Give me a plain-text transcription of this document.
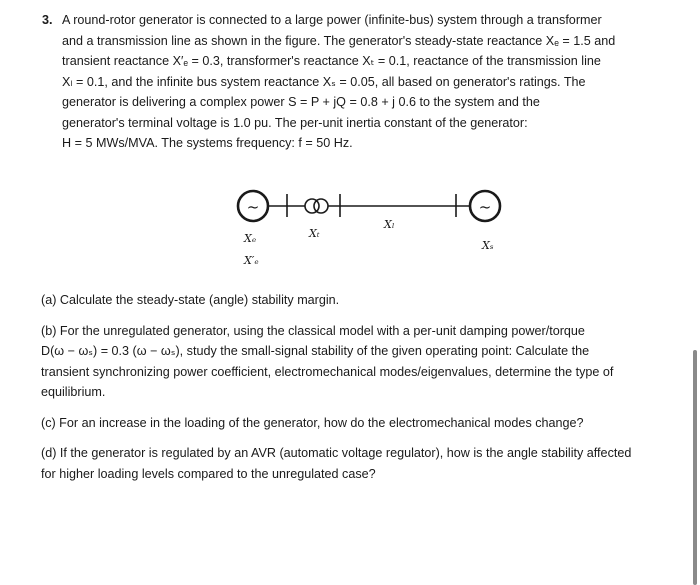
3. A round-rotor generator is connected to a large power (infinite-bus) system through a transformer
and a transmission line as shown in the figure. The generator's steady-state reactance Xₑ = 1.5 and
transient reactance X′ₑ = 0.3, transformer's reactance Xₜ = 0.1, reactance of the transmission line
Xₗ = 0.1, and the infinite bus system reactance Xₛ = 0.05, all based on generator's ratings. The
generator is delivering a complex power S = P + jQ = 0.8 + j 0.6 to the system and the
generator's terminal voltage is 1.0 pu. The per-unit inertia constant of the generator:
H = 5 MWs/MVA. The systems frequency: f = 50 Hz.

~	~
Xₑ
X′ₑ
Xₜ
Xₗ
Xₛ

(a) Calculate the steady-state (angle) stability margin.

(b) For the unregulated generator, using the classical model with a per-unit damping power/torque
D(ω − ωₛ) = 0.3 (ω − ωₛ), study the small-signal stability of the given operating point: Calculate the
transient synchronizing power coefficient, electromechanical modes/eigenvalues, determine the type of
equilibrium.

(c) For an increase in the loading of the generator, how do the electromechanical modes change?

(d) If the generator is regulated by an AVR (automatic voltage regulator), how is the angle stability affected
for higher loading levels compared to the unregulated case?
